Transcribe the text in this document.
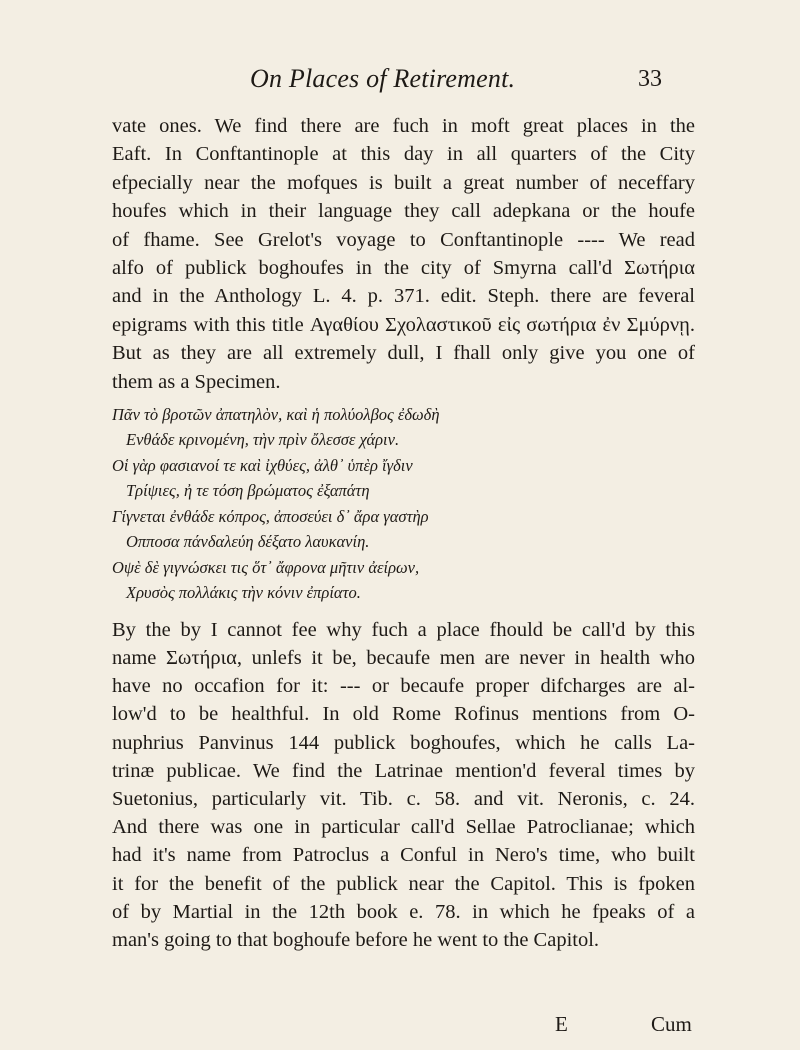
On Places of Retirement.	33
vate ones. We find there are fuch in moft great places in the
Eaft. In Conftantinople at this day in all quarters of the City
efpecially near the mofques is built a great number of neceffary
houfes which in their language they call adepkana or the houfe
of fhame. See Grelot's voyage to Conftantinople ---- We read
alfo of publick boghoufes in the city of Smyrna call'd Σωτήρια
and in the Anthology L. 4. p. 371. edit. Steph. there are feveral
epigrams with this title Αγαθίου Σχολαστικοῦ εἰς σωτήρια ἐν Σμύρνῃ.
But as they are all extremely dull, I fhall only give you one of
them as a Specimen.
Πᾶν τὸ βροτῶν ἀπατηλὸν, καὶ ἡ πολύολβος ἐδωδὴ
Ενθάδε κρινομένη, τὴν πρὶν ὄλεσσε χάριν.
Οἱ γὰρ φασιανοί τε καὶ ἰχθύες, ἀλθ᾽ ὑπὲρ ἴγδιν
Τρίψιες, ἠ τε τόση βρώματος ἐξαπάτη
Γίγνεται ἐνθάδε κόπρος, ἀποσεύει δ᾽ ἄρα γαστὴρ
Οπποσα πάνδαλεύη δέξατο λαυκανίη.
Οψὲ δὲ γιγνώσκει τις ὅτ᾽ ἄφρονα μῆτιν ἀείρων,
Χρυσὸς πολλάκις τὴν κόνιν ἐπρίατο.
By the by I cannot fee why fuch a place fhould be call'd by this
name Σωτήρια, unlefs it be, becaufe men are never in health who
have no occafion for it: --- or becaufe proper difcharges are al-
low'd to be healthful. In old Rome Rofinus mentions from O-
nuphrius Panvinus 144 publick boghoufes, which he calls La-
trinæ publicae. We find the Latrinae mention'd feveral times by
Suetonius, particularly vit. Tib. c. 58. and vit. Neronis, c. 24.
And there was one in particular call'd Sellae Patroclianae; which
had it's name from Patroclus a Conful in Nero's time, who built
it for the benefit of the publick near the Capitol. This is fpoken
of by Martial in the 12th book e. 78. in which he fpeaks of a
man's going to that boghoufe before he went to the Capitol.
E	Cum
